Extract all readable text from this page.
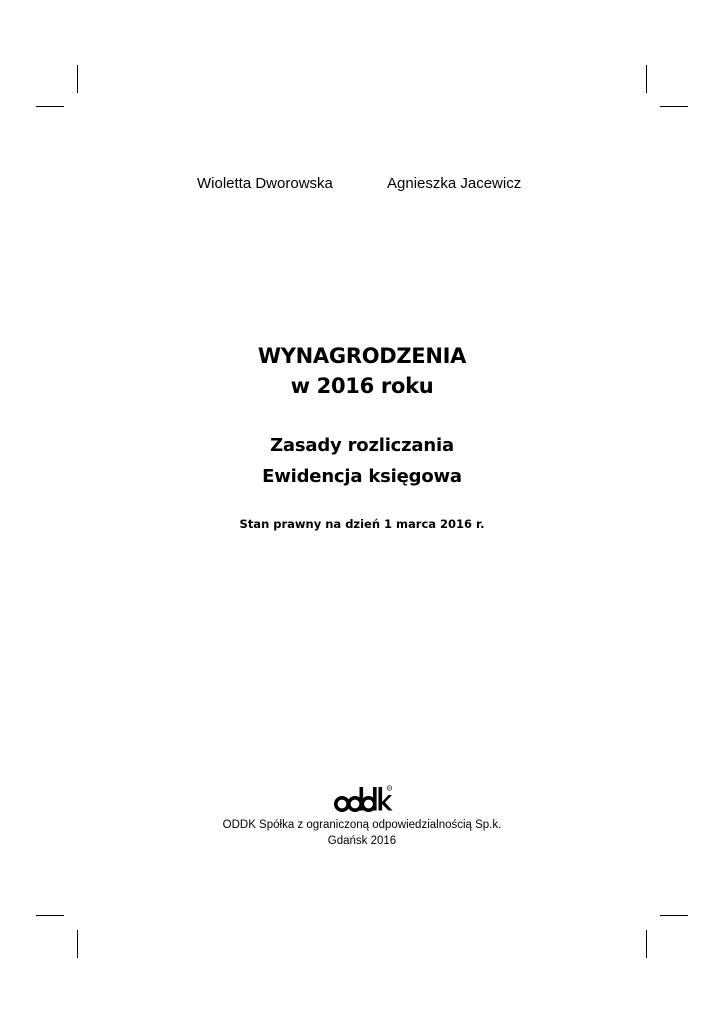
Wioletta Dworowska	Agnieszka Jacewicz
WYNAGRODZENIA
w 2016 roku
Zasady rozliczania
Ewidencja księgowa
Stan prawny na dzień 1 marca 2016 r.
R
ODDK Spółka z ograniczoną odpowiedzialnością Sp.k.
Gdańsk 2016
